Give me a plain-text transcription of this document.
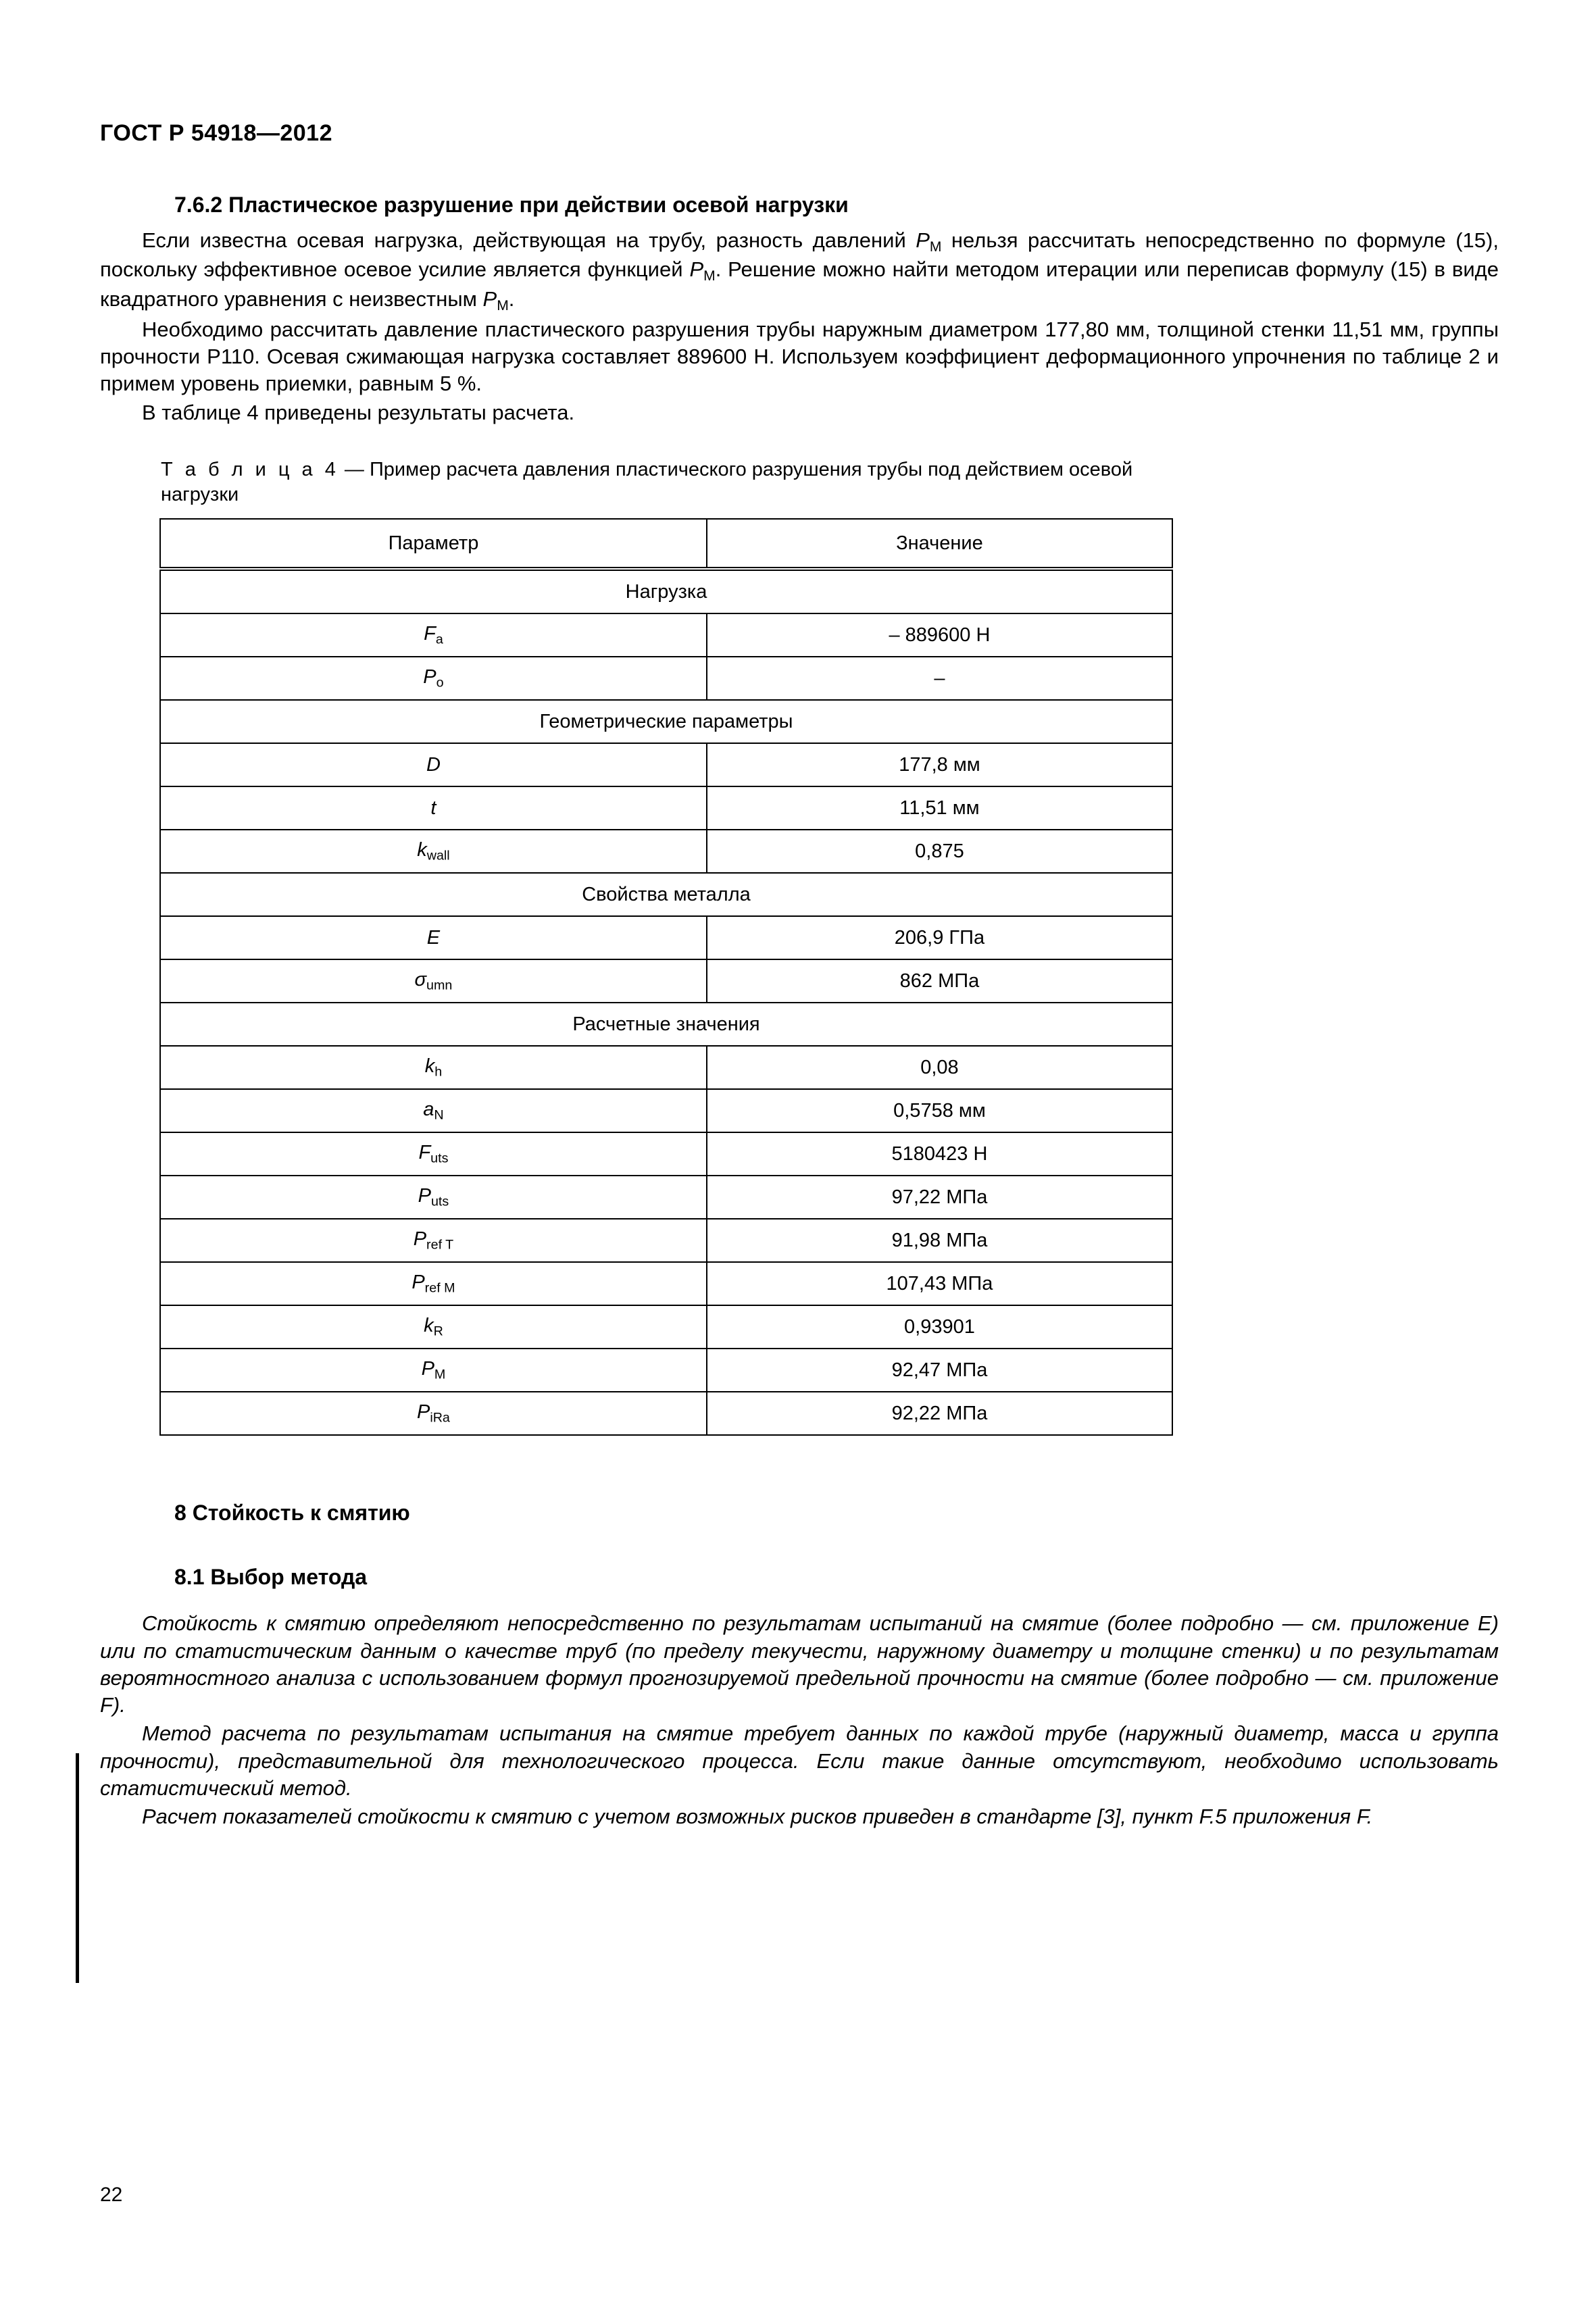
ГОСТ Р 54918—2012
7.6.2 Пластическое разрушение при действии осевой нагрузки

Если известна осевая нагрузка, действующая на трубу, разность давлений $P_М$ нельзя рассчитать непосредственно по формуле (15), поскольку эффективное осевое усилие является функцией $P_М$. Решение можно найти методом итерации или переписав формулу (15) в виде квадратного уравнения с неизвестным $P_М$.

Необходимо рассчитать давление пластического разрушения трубы наружным диаметром 177,80 мм, толщиной стенки 11,51 мм, группы прочности Р110. Осевая сжимающая нагрузка составляет 889600 Н. Используем коэффициент деформационного упрочнения по таблице 2 и примем уровень приемки, равным 5 %.

В таблице 4 приведены результаты расчета.

Т а б л и ц а 4 — Пример расчета давления пластического разрушения трубы под действием осевой нагрузки
Параметр	Значение
Нагрузка	
$F_a$	– 889600 Н
$P_o$	–
Геометрические параметры	
D	177,8 мм
t	11,51 мм
$k_{wall}$	0,875
Свойства металла	
E	206,9 ГПа
$\sigma_{umn}$	862 МПа
Расчетные значения	
$k_h$	0,08
$a_N$	0,5758 мм
$F_{uts}$	5180423 Н
$P_{uts}$	97,22 МПа
$P_{ref T}$	91,98 МПа
$P_{ref M}$	107,43 МПа
$k_R$	0,93901
$P_M$	92,47 МПа
$P_{iRa}$	92,22 МПа
8 Стойкость к смятию
8.1 Выбор метода

Стойкость к смятию определяют непосредственно по результатам испытаний на смятие (более подробно — см. приложение E) или по статистическим данным о качестве труб (по пределу текучести, наружному диаметру и толщине стенки) и по результатам вероятностного анализа с использованием формул прогнозируемой предельной прочности на смятие (более подробно — см. приложение F).

Метод расчета по результатам испытания на смятие требует данных по каждой трубе (наружный диаметр, масса и группа прочности), представительной для технологического процесса. Если такие данные отсутствуют, необходимо использовать статистический метод.

Расчет показателей стойкости к смятию с учетом возможных рисков приведен в стандарте [3], пункт F.5 приложения F.

22
